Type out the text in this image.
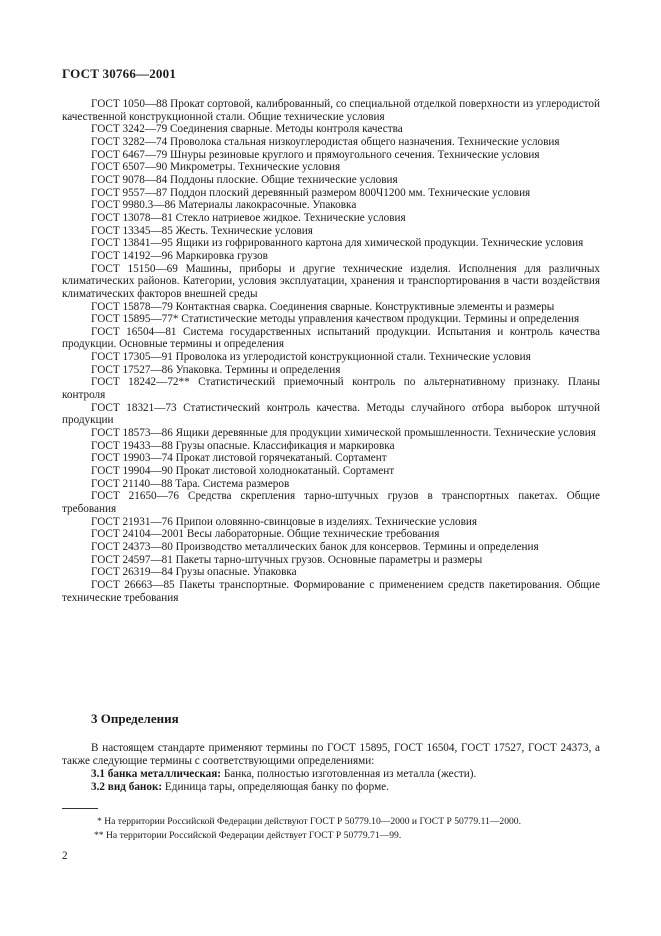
ГОСТ 30766—2001

ГОСТ 1050—88 Прокат сортовой, калиброванный, со специальной отделкой поверхности из углеродистой качественной конструкционной стали. Общие технические условия

ГОСТ 3242—79 Соединения сварные. Методы контроля качества

ГОСТ 3282—74 Проволока стальная низкоуглеродистая общего назначения. Технические условия

ГОСТ 6467—79 Шнуры резиновые круглого и прямоугольного сечения. Технические условия

ГОСТ 6507—90 Микрометры. Технические условия

ГОСТ 9078—84 Поддоны плоские. Общие технические условия

ГОСТ 9557—87 Поддон плоский деревянный размером 800Ч1200 мм. Технические условия

ГОСТ 9980.3—86 Материалы лакокрасочные. Упаковка

ГОСТ 13078—81 Стекло натриевое жидкое. Технические условия

ГОСТ 13345—85 Жесть. Технические условия

ГОСТ 13841—95 Ящики из гофрированного картона для химической продукции. Технические условия

ГОСТ 14192—96 Маркировка грузов

ГОСТ 15150—69 Машины, приборы и другие технические изделия. Исполнения для различных климатических районов. Категории, условия эксплуатации, хранения и транспортирования в части воздействия климатических факторов внешней среды

ГОСТ 15878—79 Контактная сварка. Соединения сварные. Конструктивные элементы и размеры

ГОСТ 15895—77* Статистические методы управления качеством продукции. Термины и определения

ГОСТ 16504—81 Система государственных испытаний продукции. Испытания и контроль качества продукции. Основные термины и определения

ГОСТ 17305—91 Проволока из углеродистой конструкционной стали. Технические условия

ГОСТ 17527—86 Упаковка. Термины и определения

ГОСТ 18242—72** Статистический приемочный контроль по альтернативному признаку. Планы контроля

ГОСТ 18321—73 Статистический контроль качества. Методы случайного отбора выборок штучной продукции

ГОСТ 18573—86 Ящики деревянные для продукции химической промышленности. Технические условия

ГОСТ 19433—88 Грузы опасные. Классификация и маркировка

ГОСТ 19903—74 Прокат листовой горячекатаный. Сортамент

ГОСТ 19904—90 Прокат листовой холоднокатаный. Сортамент

ГОСТ 21140—88 Тара. Система размеров

ГОСТ 21650—76 Средства скрепления тарно-штучных грузов в транспортных пакетах. Общие требования

ГОСТ 21931—76 Припои оловянно-свинцовые в изделиях. Технические условия

ГОСТ 24104—2001 Весы лабораторные. Общие технические требования

ГОСТ 24373—80 Производство металлических банок для консервов. Термины и определения

ГОСТ 24597—81 Пакеты тарно-штучных грузов. Основные параметры и размеры

ГОСТ 26319—84 Грузы опасные. Упаковка

ГОСТ 26663—85 Пакеты транспортные. Формирование с применением средств пакетирования. Общие технические требования

3 Определения

В настоящем стандарте применяют термины по ГОСТ 15895, ГОСТ 16504, ГОСТ 17527, ГОСТ 24373, а также следующие термины с соответствующими определениями:

3.1 банка металлическая: Банка, полностью изготовленная из металла (жести).

3.2 вид банок: Единица тары, определяющая банку по форме.

* На территории Российской Федерации действуют ГОСТ Р 50779.10—2000 и ГОСТ Р 50779.11—2000.

** На территории Российской Федерации действует ГОСТ Р 50779.71—99.

2
